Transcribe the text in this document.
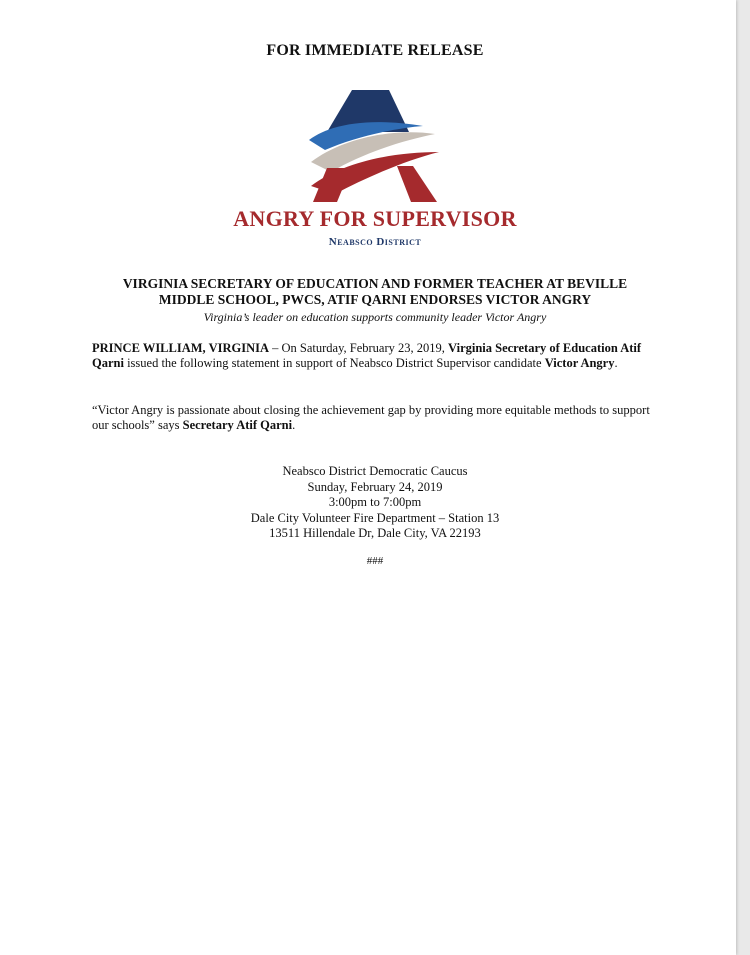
FOR IMMEDIATE RELEASE
ANGRY FOR SUPERVISOR
Neabsco District
VIRGINIA SECRETARY OF EDUCATION AND FORMER TEACHER AT BEVILLE
MIDDLE SCHOOL, PWCS, ATIF QARNI ENDORSES VICTOR ANGRY
Virginia’s leader on education supports community leader Victor Angry
PRINCE WILLIAM, VIRGINIA – On Saturday, February 23, 2019, Virginia Secretary of Education Atif Qarni issued the following statement in support of Neabsco District Supervisor candidate Victor Angry.
“Victor Angry is passionate about closing the achievement gap by providing more equitable methods to support our schools” says Secretary Atif Qarni.
Neabsco District Democratic Caucus
Sunday, February 24, 2019
3:00pm to 7:00pm
Dale City Volunteer Fire Department – Station 13
13511 Hillendale Dr, Dale City, VA 22193
###
